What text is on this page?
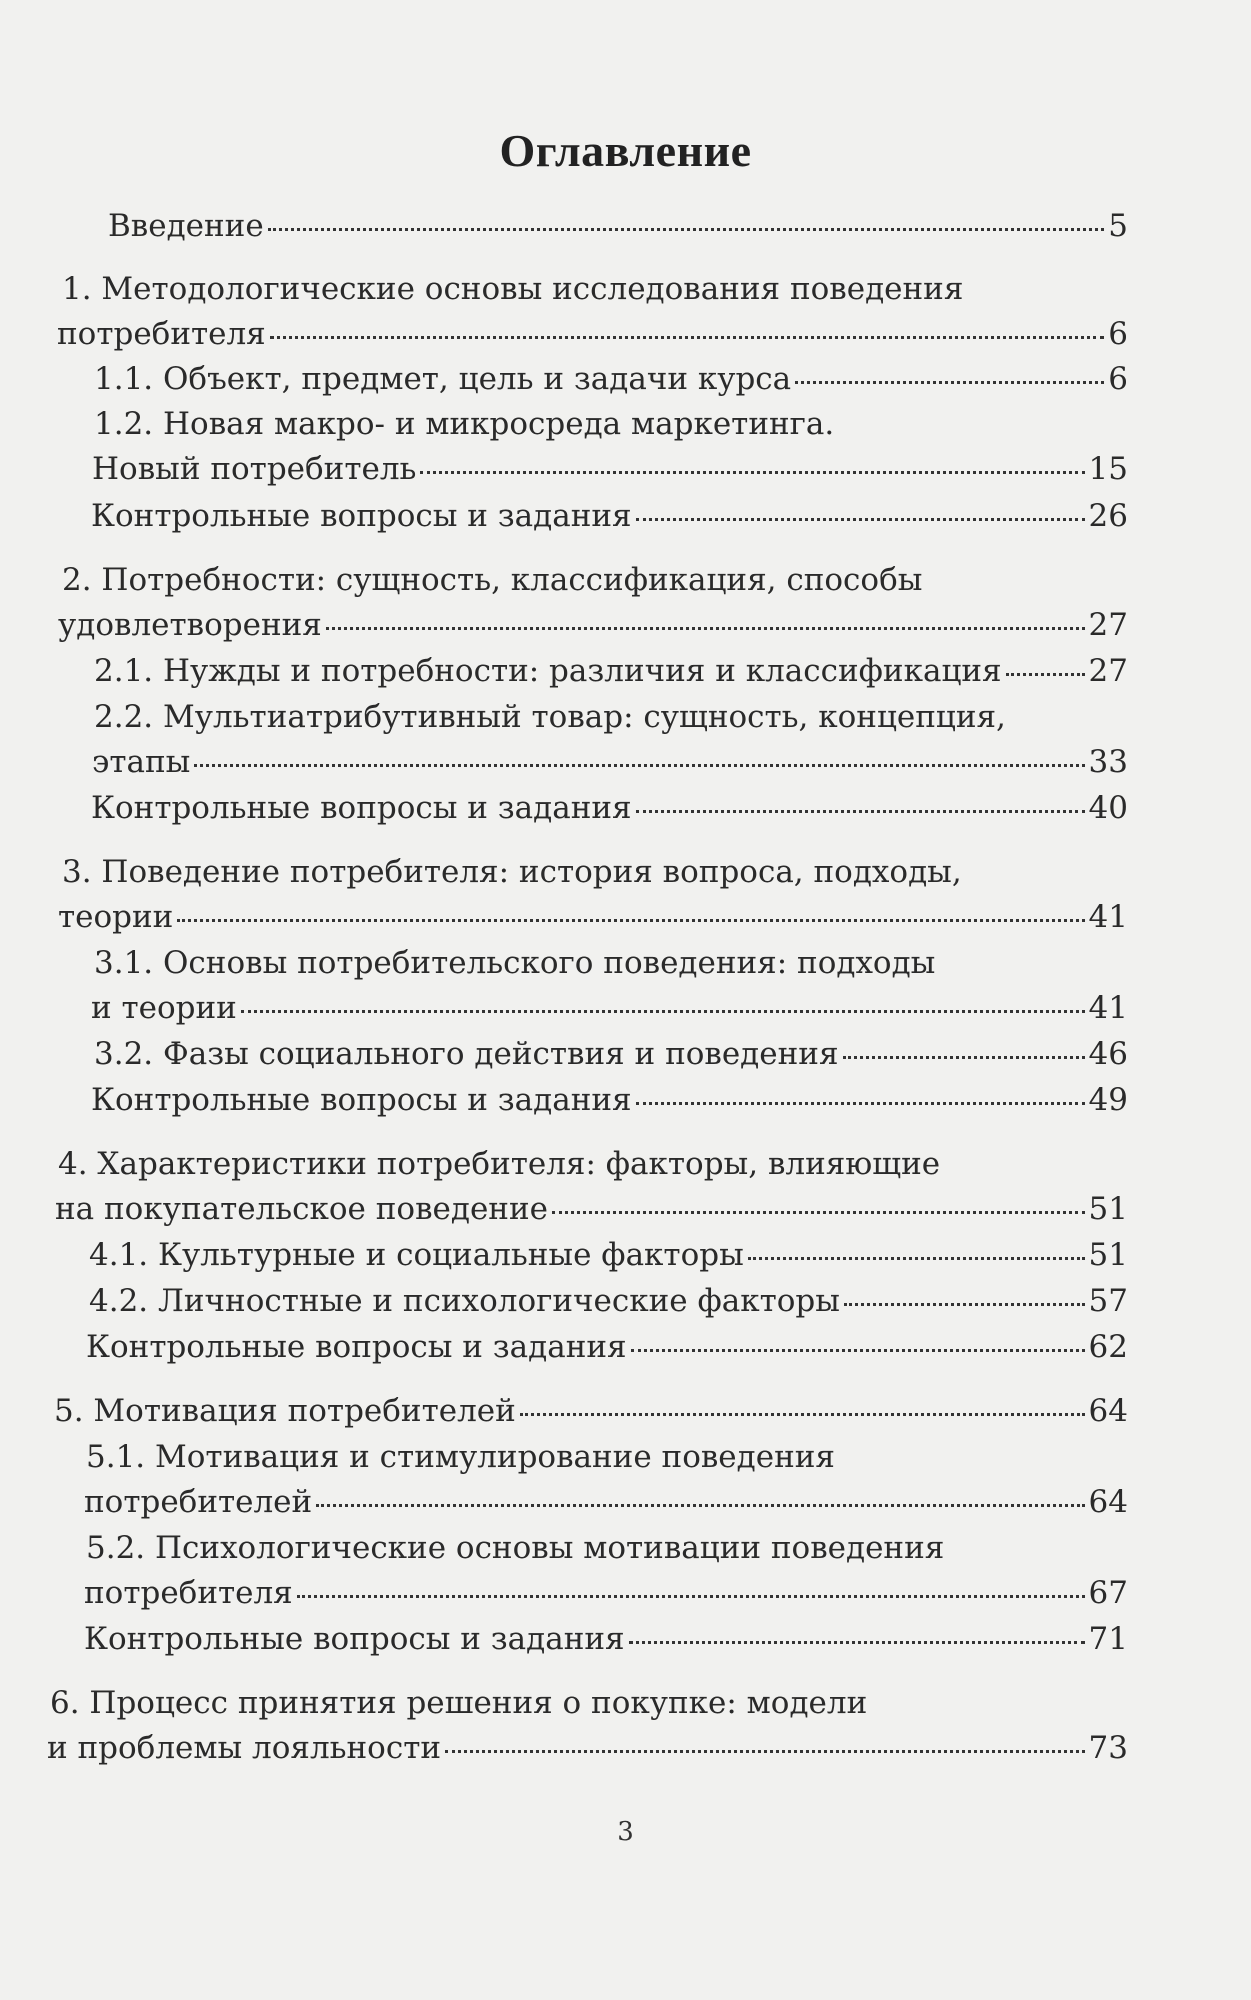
Оглавление
Введение	5
1. Методологические основы исследования поведения
потребителя	6
1.1. Объект, предмет, цель и задачи курса	6
1.2. Новая макро- и микросреда маркетинга.
Новый потребитель	15
Контрольные вопросы и задания	26
2. Потребности: сущность, классификация, способы
удовлетворения	27
2.1. Нужды и потребности: различия и классификация	27
2.2. Мультиатрибутивный товар: сущность, концепция,
этапы	33
Контрольные вопросы и задания	40
3. Поведение потребителя: история вопроса, подходы,
теории	41
3.1. Основы потребительского поведения: подходы
и теории	41
3.2. Фазы социального действия и поведения	46
Контрольные вопросы и задания	49
4. Характеристики потребителя: факторы, влияющие
на покупательское поведение	51
4.1. Культурные и социальные факторы	51
4.2. Личностные и психологические факторы	57
Контрольные вопросы и задания	62
5. Мотивация потребителей	64
5.1. Мотивация и стимулирование поведения
потребителей	64
5.2. Психологические основы мотивации поведения
потребителя	67
Контрольные вопросы и задания	71
6. Процесс принятия решения о покупке: модели
и проблемы лояльности	73
3
